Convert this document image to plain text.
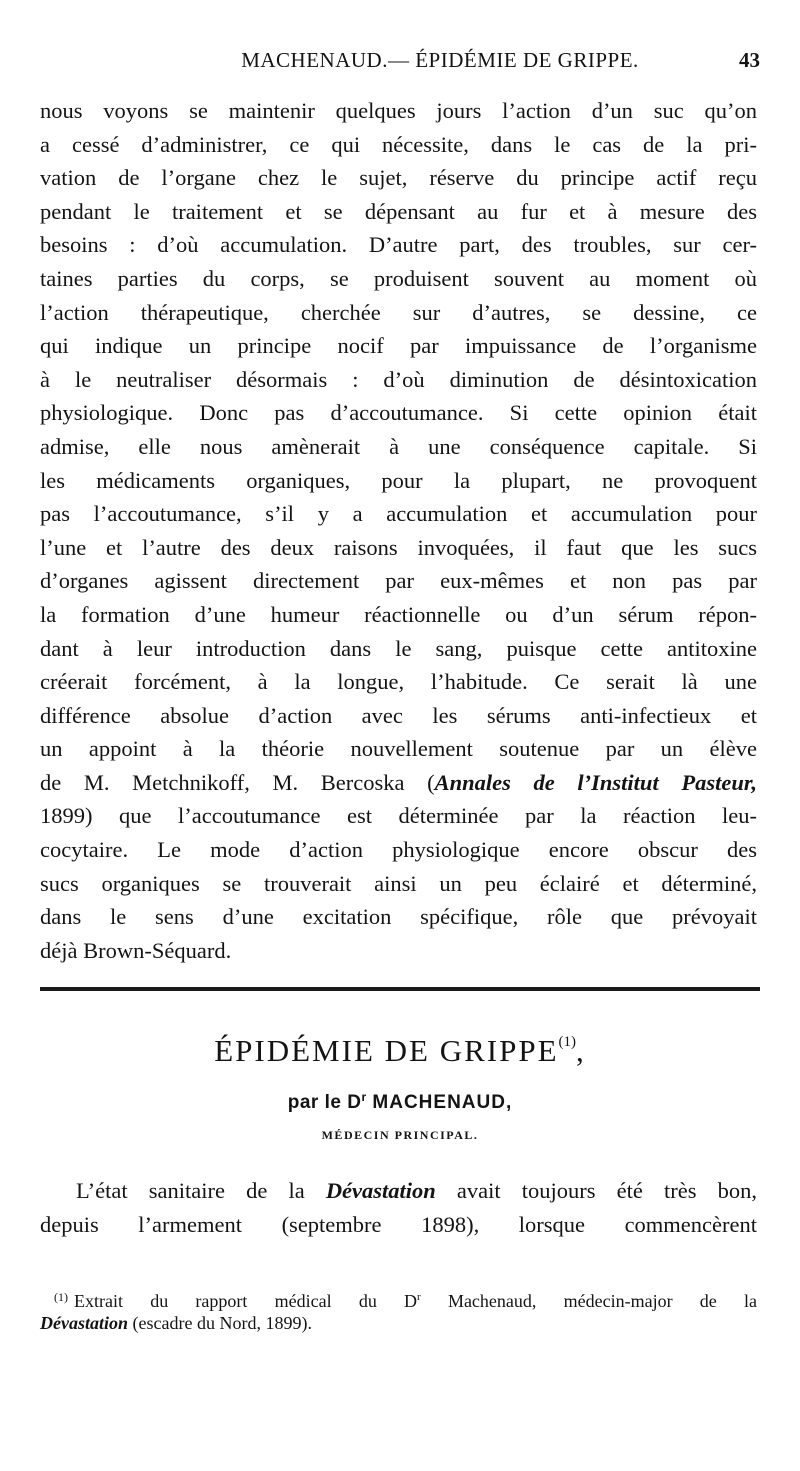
MACHENAUD.— ÉPIDÉMIE DE GRIPPE.	43
nous voyons se maintenir quelques jours l’action d’un suc qu’on
a cessé d’administrer, ce qui nécessite, dans le cas de la pri-
vation de l’organe chez le sujet, réserve du principe actif reçu
pendant le traitement et se dépensant au fur et à mesure des
besoins : d’où accumulation. D’autre part, des troubles, sur cer-
taines parties du corps, se produisent souvent au moment où
l’action thérapeutique, cherchée sur d’autres, se dessine, ce
qui indique un principe nocif par impuissance de l’organisme
à le neutraliser désormais : d’où diminution de désintoxication
physiologique. Donc pas d’accoutumance. Si cette opinion était
admise, elle nous amènerait à une conséquence capitale. Si
les médicaments organiques, pour la plupart, ne provoquent
pas l’accoutumance, s’il y a accumulation et accumulation pour
l’une et l’autre des deux raisons invoquées, il faut que les sucs
d’organes agissent directement par eux-mêmes et non pas par
la formation d’une humeur réactionnelle ou d’un sérum répon-
dant à leur introduction dans le sang, puisque cette antitoxine
créerait forcément, à la longue, l’habitude. Ce serait là une
différence absolue d’action avec les sérums anti-infectieux et
un appoint à la théorie nouvellement soutenue par un élève
de M. Metchnikoff, M. Bercoska (Annales de l’Institut Pasteur,
1899) que l’accoutumance est déterminée par la réaction leu-
cocytaire. Le mode d’action physiologique encore obscur des
sucs organiques se trouverait ainsi un peu éclairé et déterminé,
dans le sens d’une excitation spécifique, rôle que prévoyait
déjà Brown-Séquard.
ÉPIDÉMIE DE GRIPPE$^{(1)}$,
par le $D^r$ MACHENAUD,
MÉDECIN PRINCIPAL.
L’état sanitaire de la Dévastation avait toujours été très bon,
depuis l’armement (septembre 1898), lorsque commencèrent
$^{(1)}$ Extrait du rapport médical du $D^r$ Machenaud, médecin-major de la
Dévastation (escadre du Nord, 1899).
